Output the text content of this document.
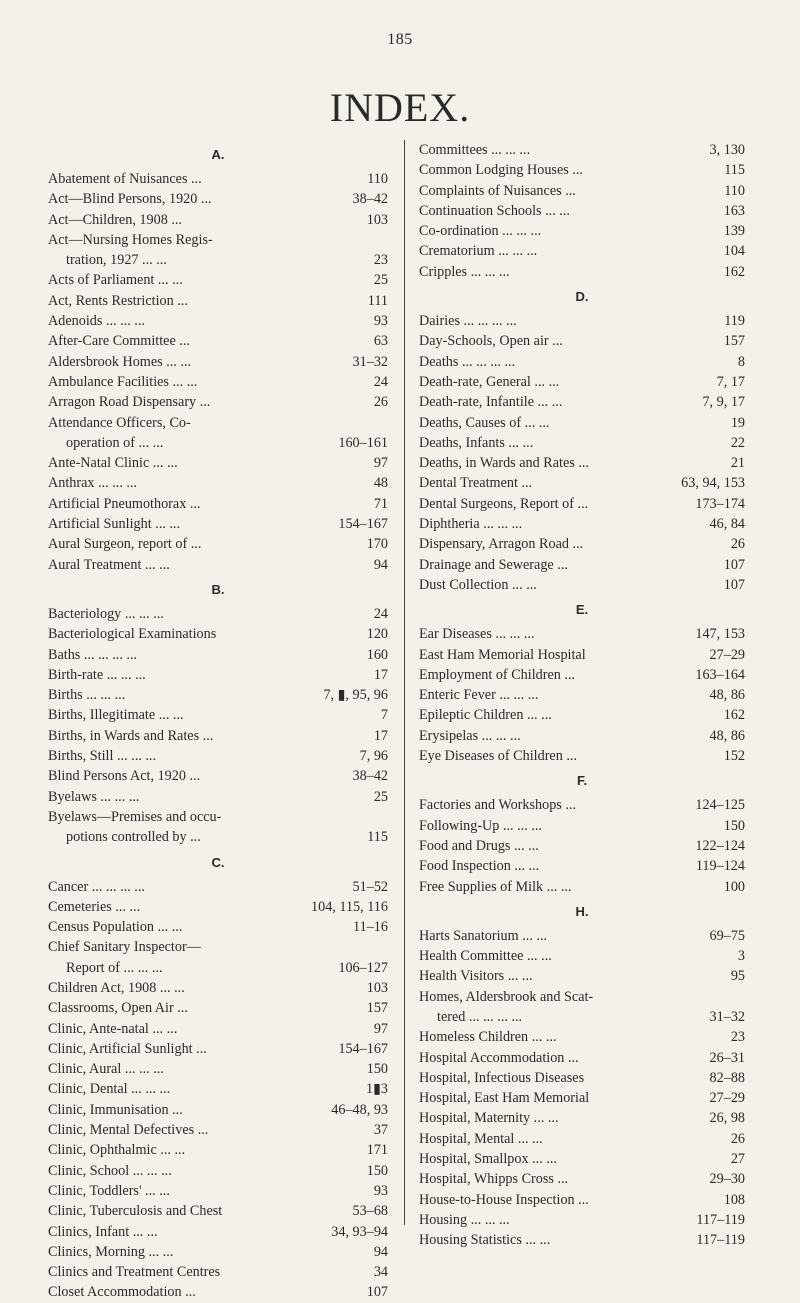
185
INDEX.
A.
Abatement of Nuisances ...	110
Act—Blind Persons, 1920 ...	38–42
Act—Children, 1908 ...	103
Act—Nursing Homes Regis-
tration, 1927 ... ...	23
Acts of Parliament ... ...	25
Act, Rents Restriction ...	111
Adenoids ... ... ...	93
After-Care Committee ...	63
Aldersbrook Homes ... ...	31–32
Ambulance Facilities ... ...	24
Arragon Road Dispensary ...	26
Attendance Officers, Co-
operation of ... ...	160–161
Ante-Natal Clinic ... ...	97
Anthrax ... ... ...	48
Artificial Pneumothorax ...	71
Artificial Sunlight ... ...	154–167
Aural Surgeon, report of ...	170
Aural Treatment ... ...	94
B.
Bacteriology ... ... ...	24
Bacteriological Examinations	120
Baths ... ... ... ...	160
Birth-rate ... ... ...	17
Births ... ... ...	7, ▮, 95, 96
Births, Illegitimate ... ...	7
Births, in Wards and Rates ...	17
Births, Still ... ... ...	7, 96
Blind Persons Act, 1920 ...	38–42
Byelaws ... ... ...	25
Byelaws—Premises and occu-
potions controlled by ...	115
C.
Cancer ... ... ... ...	51–52
Cemeteries ... ...	104, 115, 116
Census Population ... ...	11–16
Chief Sanitary Inspector—
Report of ... ... ...	106–127
Children Act, 1908 ... ...	103
Classrooms, Open Air ...	157
Clinic, Ante-natal ... ...	97
Clinic, Artificial Sunlight ...	154–167
Clinic, Aural ... ... ...	150
Clinic, Dental ... ... ...	1▮3
Clinic, Immunisation ...	46–48, 93
Clinic, Mental Defectives ...	37
Clinic, Ophthalmic ... ...	171
Clinic, School ... ... ...	150
Clinic, Toddlers' ... ...	93
Clinic, Tuberculosis and Chest	53–68
Clinics, Infant ... ...	34, 93–94
Clinics, Morning ... ...	94
Clinics and Treatment Centres	34
Closet Accommodation ...	107
Committees ... ... ...	3, 130
Common Lodging Houses ...	115
Complaints of Nuisances ...	110
Continuation Schools ... ...	163
Co-ordination ... ... ...	139
Crematorium ... ... ...	104
Cripples ... ... ...	162
D.
Dairies ... ... ... ...	119
Day-Schools, Open air ...	157
Deaths ... ... ... ...	8
Death-rate, General ... ...	7, 17
Death-rate, Infantile ... ...	7, 9, 17
Deaths, Causes of ... ...	19
Deaths, Infants ... ...	22
Deaths, in Wards and Rates ...	21
Dental Treatment ...	63, 94, 153
Dental Surgeons, Report of ...	173–174
Diphtheria ... ... ...	46, 84
Dispensary, Arragon Road ...	26
Drainage and Sewerage ...	107
Dust Collection ... ...	107
E.
Ear Diseases ... ... ...	147, 153
East Ham Memorial Hospital	27–29
Employment of Children ...	163–164
Enteric Fever ... ... ...	48, 86
Epileptic Children ... ...	162
Erysipelas ... ... ...	48, 86
Eye Diseases of Children ...	152
F.
Factories and Workshops ...	124–125
Following-Up ... ... ...	150
Food and Drugs ... ...	122–124
Food Inspection ... ...	119–124
Free Supplies of Milk ... ...	100
H.
Harts Sanatorium ... ...	69–75
Health Committee ... ...	3
Health Visitors ... ...	95
Homes, Aldersbrook and Scat-
tered ... ... ... ...	31–32
Homeless Children ... ...	23
Hospital Accommodation ...	26–31
Hospital, Infectious Diseases	82–88
Hospital, East Ham Memorial	27–29
Hospital, Maternity ... ...	26, 98
Hospital, Mental ... ...	26
Hospital, Smallpox ... ...	27
Hospital, Whipps Cross ...	29–30
House-to-House Inspection ...	108
Housing ... ... ...	117–119
Housing Statistics ... ...	117–119
